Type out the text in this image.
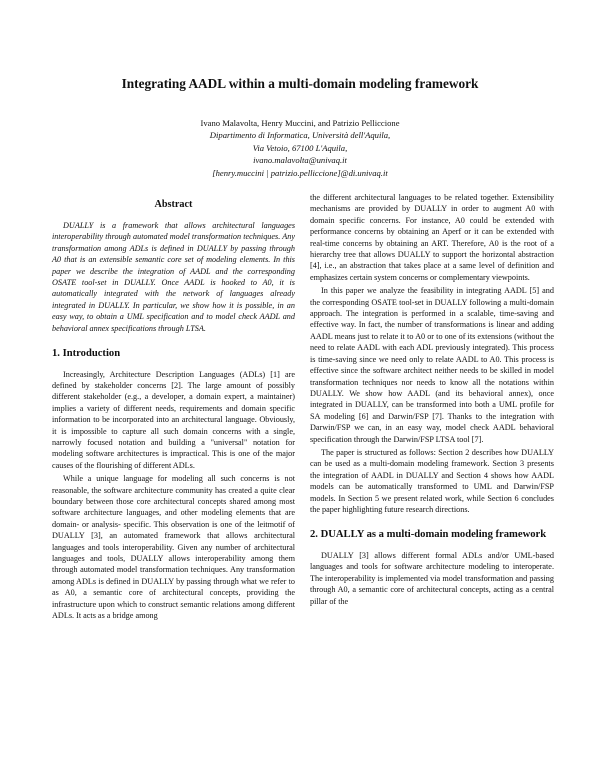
Integrating AADL within a multi-domain modeling framework
Ivano Malavolta, Henry Muccini, and Patrizio Pelliccione
Dipartimento di Informatica, Università dell'Aquila,
Via Vetoio, 67100 L'Aquila,
ivano.malavolta@univaq.it
[henry.muccini | patrizio.pelliccione]@di.univaq.it
Abstract

DUALLY is a framework that allows architectural languages interoperability through automated model transformation techniques. Any transformation among ADLs is defined in DUALLY by passing through A0 that is an extensible semantic core set of modeling elements. In this paper we describe the integration of AADL and the corresponding OSATE tool-set in DUALLY. Once AADL is hooked to A0, it is automatically integrated with the network of languages already integrated in DUALLY. In particular, we show how it is possible, in an easy way, to obtain a UML specification and to model check AADL and behavioral annex specifications through LTSA.

1. Introduction

Increasingly, Architecture Description Languages (ADLs) [1] are defined by stakeholder concerns [2]. The large amount of possibly different stakeholder (e.g., a developer, a domain expert, a maintainer) implies a variety of different needs, requirements and domain specific information to be incorporated into an architectural language. Obviously, it is impossible to capture all such domain concerns with a single, narrowly focused notation and building a "universal" notation for modeling software architectures is impractical. This is one of the major causes of the flourishing of different ADLs.

While a unique language for modeling all such concerns is not reasonable, the software architecture community has created a quite clear boundary between those core architectural concepts shared among most software architecture languages, and other modeling elements that are domain- or analysis- specific. This observation is one of the leitmotif of DUALLY [3], an automated framework that allows architectural languages and tools interoperability. Given any number of architectural languages and tools, DUALLY allows interoperability among them through automated model transformation techniques. Any transformation among ADLs is defined in DUALLY by passing through what we refer to as A0, a semantic core of architectural concepts, providing the infrastructure upon which to construct semantic relations among different ADLs. It acts as a bridge among

the different architectural languages to be related together. Extensibility mechanisms are provided by DUALLY in order to augment A0 with domain specific concerns. For instance, A0 could be extended with performance concerns by obtaining an Aperf or it can be extended with real-time concerns by obtaining an ART. Therefore, A0 is the root of a hierarchy tree that allows DUALLY to support the horizontal abstraction [4], i.e., an abstraction that takes place at a same level of definition and emphasizes certain system concerns or complementary viewpoints.

In this paper we analyze the feasibility in integrating AADL [5] and the corresponding OSATE tool-set in DUALLY following a multi-domain approach. The integration is performed in a scalable, time-saving and effective way. In fact, the number of transformations is linear and adding AADL means just to relate it to A0 or to one of its extensions (without the need to relate AADL with each ADL previously integrated). This process is time-saving since we need only to relate AADL to A0. This process is effective since the software architect neither needs to be skilled in model transformation techniques nor needs to know all the notations within DUALLY. We show how AADL (and its behavioral annex), once integrated in DUALLY, can be transformed into both a UML profile for SA modeling [6] and Darwin/FSP [7]. Thanks to the integration with Darwin/FSP we can, in an easy way, model check AADL behavioral specification through the Darwin/FSP LTSA tool [7].

The paper is structured as follows: Section 2 describes how DUALLY can be used as a multi-domain modeling framework. Section 3 presents the integration of AADL in DUALLY and Section 4 shows how AADL models can be automatically transformed to UML and Darwin/FSP models. In Section 5 we present related work, while Section 6 concludes the paper highlighting future research directions.

2. DUALLY as a multi-domain modeling framework

DUALLY [3] allows different formal ADLs and/or UML-based languages and tools for software architecture modeling to interoperate. The interoperability is implemented via model transformation and passing through A0, a semantic core of architectural concepts, acting as a central pillar of the
